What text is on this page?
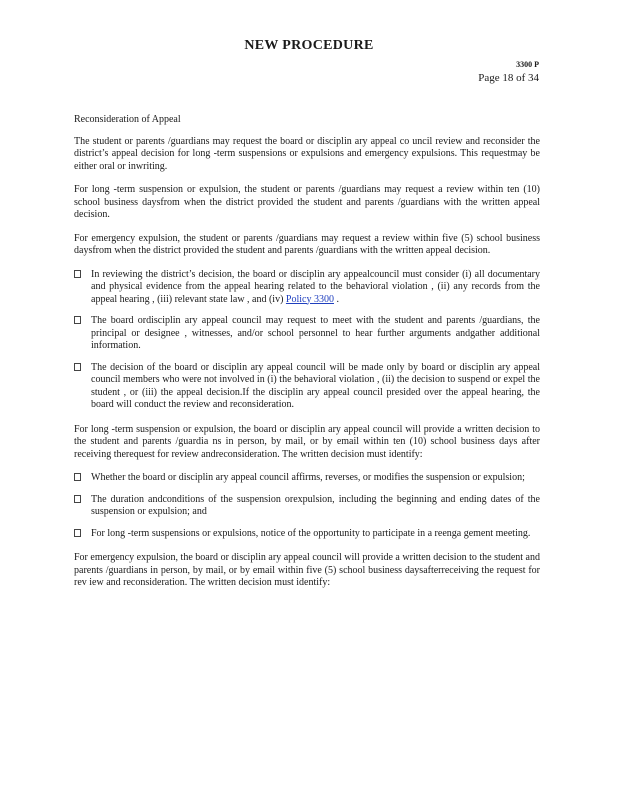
NEW PROCEDURE
3300 P
Page 18 of 34
Reconsideration of Appeal

The student or parents /guardians may request the board or disciplin ary appeal co uncil review and reconsider the district’s appeal decision for long -term suspensions or expulsions and emergency expulsions. This requestmay be either oral or inwriting.

For long -term suspension or expulsion, the student or parents /guardians may request a review within ten (10) school business daysfrom when the district provided the student and parents /guardians with the written appeal decision.

For emergency expulsion, the student or parents /guardians may request a review within five (5) school business daysfrom when the district provided the student and parents /guardians with the written appeal decision.

In reviewing the district’s decision, the board or disciplin ary appealcouncil must consider (i) all documentary and physical evidence from the appeal hearing related to the behavioral violation , (ii) any records from the appeal hearing , (iii) relevant state law , and (iv) Policy 3300 .
The board ordisciplin ary appeal council may request to meet with the student and parents /guardians, the principal or designee , witnesses, and/or school personnel to hear further arguments andgather additional information.
The decision of the board or disciplin ary appeal council will be made only by board or disciplin ary appeal council members who were not involved in (i) the behavioral violation , (ii) the decision to suspend or expel the student , or (iii) the appeal decision.If the disciplin ary appeal council presided over the appeal hearing, the board will conduct the review and reconsideration.

For long -term suspension or expulsion, the board or disciplin ary appeal council will provide a written decision to the student and parents /guardia ns in person, by mail, or by email within ten (10) school business days after receiving therequest for review andreconsideration. The written decision must identify:

Whether the board or disciplin ary appeal council affirms, reverses, or modifies the suspension or expulsion;
The duration andconditions of the suspension orexpulsion, including the beginning and ending dates of the suspension or expulsion; and
For long -term suspensions or expulsions, notice of the opportunity to participate in a reenga gement meeting.

For emergency expulsion, the board or disciplin ary appeal council will provide a written decision to the student and parents /guardians in person, by mail, or by email within five (5) school business daysafterreceiving the request for rev iew and reconsideration. The written decision must identify:
